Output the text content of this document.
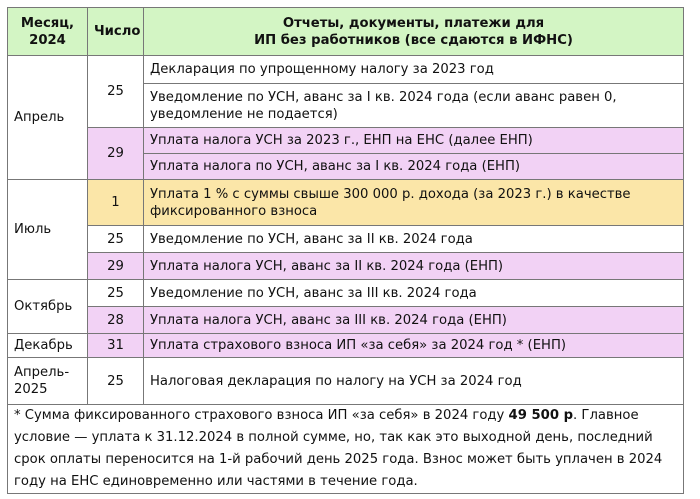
Месяц, 2024	Число	Отчеты, документы, платежи для
ИП без работников (все сдаются в ИФНС)

Апрель	25	Декларация по упрощенному налогу за 2023 год
		Уведомление по УСН, аванс за I кв. 2024 года (если аванс равен 0, уведомление не подается)
	29	Уплата налога УСН за 2023 г., ЕНП на ЕНС (далее ЕНП)
		Уплата налога по УСН, аванс за I кв. 2024 года (ЕНП)
Июль	1	Уплата 1 % с суммы свыше 300 000 р. дохода (за 2023 г.) в качестве фиксированного взноса
	25	Уведомление по УСН, аванс за II кв. 2024 года
	29	Уплата налога УСН, аванс за II кв. 2024 года (ЕНП)
Октябрь	25	Уведомление по УСН, аванс за III кв. 2024 года
	28	Уплата налога УСН, аванс за III кв. 2024 года (ЕНП)
Декабрь	31	Уплата страхового взноса ИП «за себя» за 2024 год * (ЕНП)
Апрель- 2025	25	Налоговая декларация по налогу на УСН за 2024 год
* Сумма фиксированного страхового взноса ИП «за себя» в 2024 году 49 500 р. Главное условие — уплата к 31.12.2024 в полной сумме, но, так как это выходной день, последний срок оплаты переносится на 1-й рабочий день 2025 года. Взнос может быть уплачен в 2024 году на ЕНС единовременно или частями в течение года.		
